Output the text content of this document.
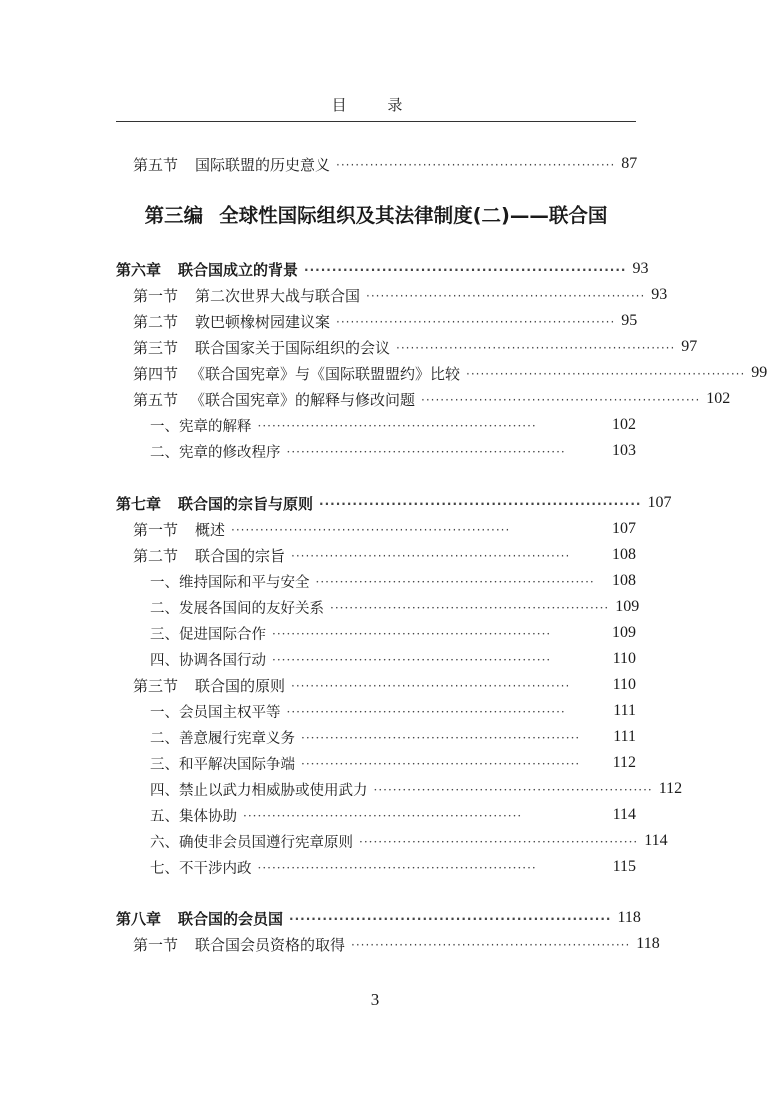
目 录
第五节 国际联盟的历史意义 ·························································· 87
第三编 全球性国际组织及其法律制度(二)——联合国
第六章 联合国成立的背景 ·························································· 93
第一节 第二次世界大战与联合国 ·························································· 93
第二节 敦巴顿橡树园建议案 ·························································· 95
第三节 联合国家关于国际组织的会议 ·························································· 97
第四节 《联合国宪章》与《国际联盟盟约》比较 ·························································· 99
第五节 《联合国宪章》的解释与修改问题 ·························································· 102
一、 宪章的解释 ··························································	102
二、 宪章的修改程序 ··························································	103
第七章 联合国的宗旨与原则 ·························································· 107
第一节 概述 ··························································	107
第二节 联合国的宗旨 ··························································	108
一、 维持国际和平与安全 ··························································	108
二、 发展各国间的友好关系 ·························································· 109
三、 促进国际合作 ··························································	109
四、 协调各国行动 ··························································	110
第三节 联合国的原则 ··························································	110
一、 会员国主权平等 ··························································	111
二、 善意履行宪章义务 ··························································	111
三、 和平解决国际争端 ··························································	112
四、 禁止以武力相威胁或使用武力 ·························································· 112
五、 集体协助 ··························································	114
六、 确使非会员国遵行宪章原则 ·························································· 114
七、 不干涉内政 ··························································	115
第八章 联合国的会员国 ·························································· 118
第一节 联合国会员资格的取得 ·························································· 118
3
